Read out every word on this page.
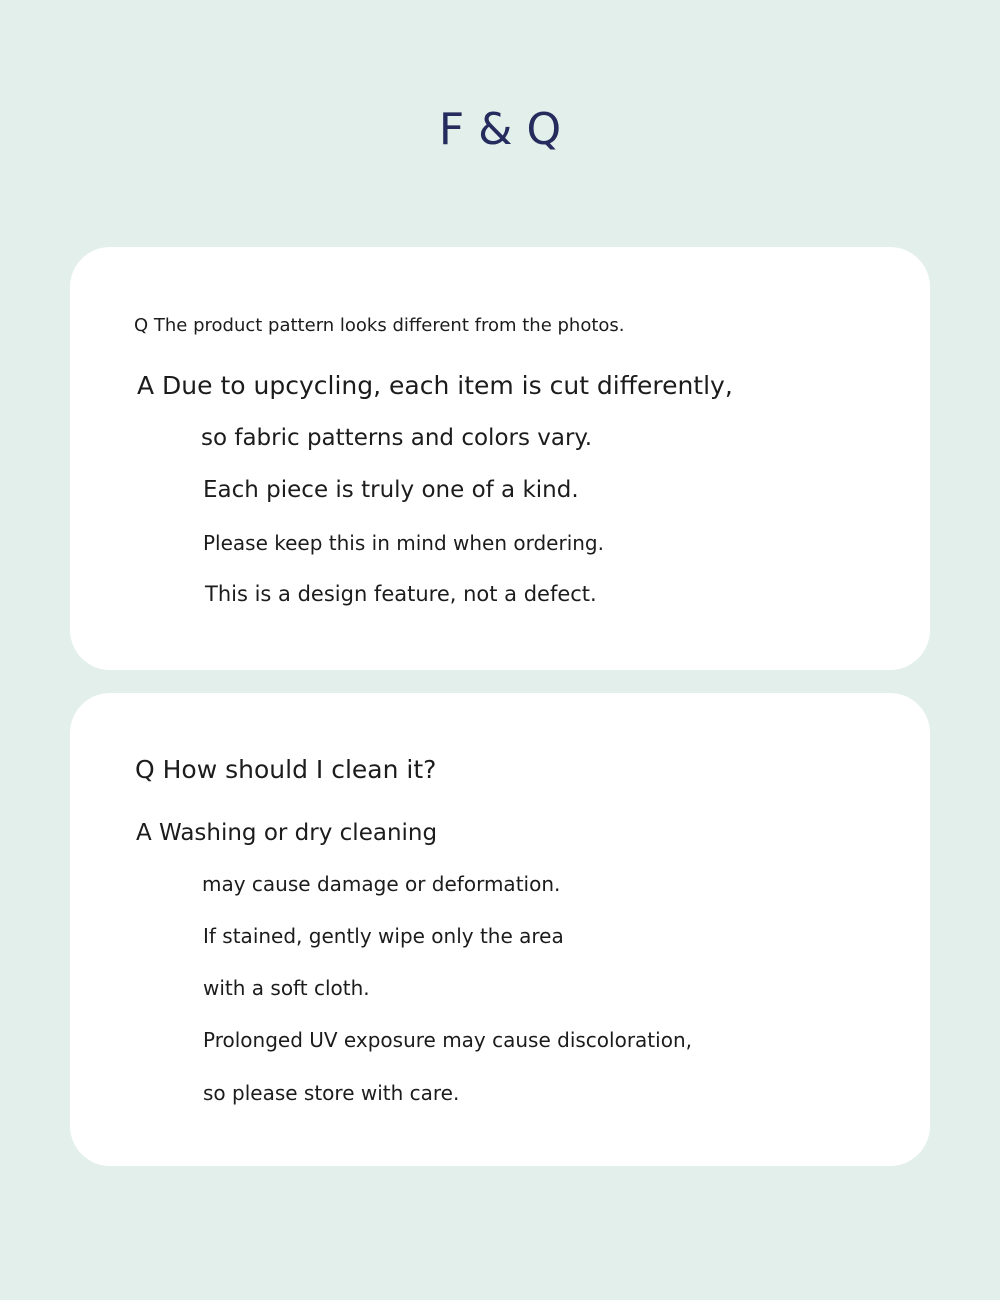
F & Q

Q The product pattern looks different from the photos.

A Due to upcycling, each item is cut differently,

so fabric patterns and colors vary.

Each piece is truly one of a kind.

Please keep this in mind when ordering.

This is a design feature, not a defect.

Q How should I clean it?

A Washing or dry cleaning

may cause damage or deformation.

If stained, gently wipe only the area

with a soft cloth.

Prolonged UV exposure may cause discoloration,

so please store with care.
